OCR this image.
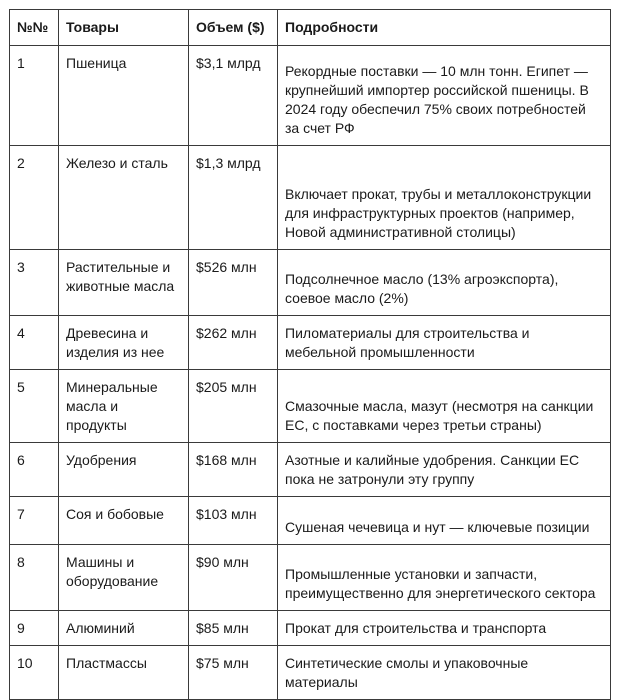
№№	Товары	Объем ($)	Подробности
1	Пшеница	$3,1 млрд	Рекордные поставки — 10 млн тонн. Египет — крупнейший импортер российской пшеницы. В 2024 году обеспечил 75% своих потребностей за счет РФ
2	Железо и сталь	$1,3 млрд	Включает прокат, трубы и металлоконструкции для инфраструктурных проектов (например, Новой административной столицы)
3	Растительные и животные масла	$526 млн	Подсолнечное масло (13% агроэкспорта), соевое масло (2%)
4	Древесина и изделия из нее	$262 млн	Пиломатериалы для строительства и мебельной промышленности
5	Минеральные масла и продукты	$205 млн	Смазочные масла, мазут (несмотря на санкции ЕС, с поставками через третьи страны)
6	Удобрения	$168 млн	Азотные и калийные удобрения. Санкции ЕС пока не затронули эту группу
7	Соя и бобовые	$103 млн	Сушеная чечевица и нут — ключевые позиции
8	Машины и оборудование	$90 млн	Промышленные установки и запчасти, преимущественно для энергетического сектора
9	Алюминий	$85 млн	Прокат для строительства и транспорта
10	Пластмассы	$75 млн	Синтетические смолы и упаковочные материалы
